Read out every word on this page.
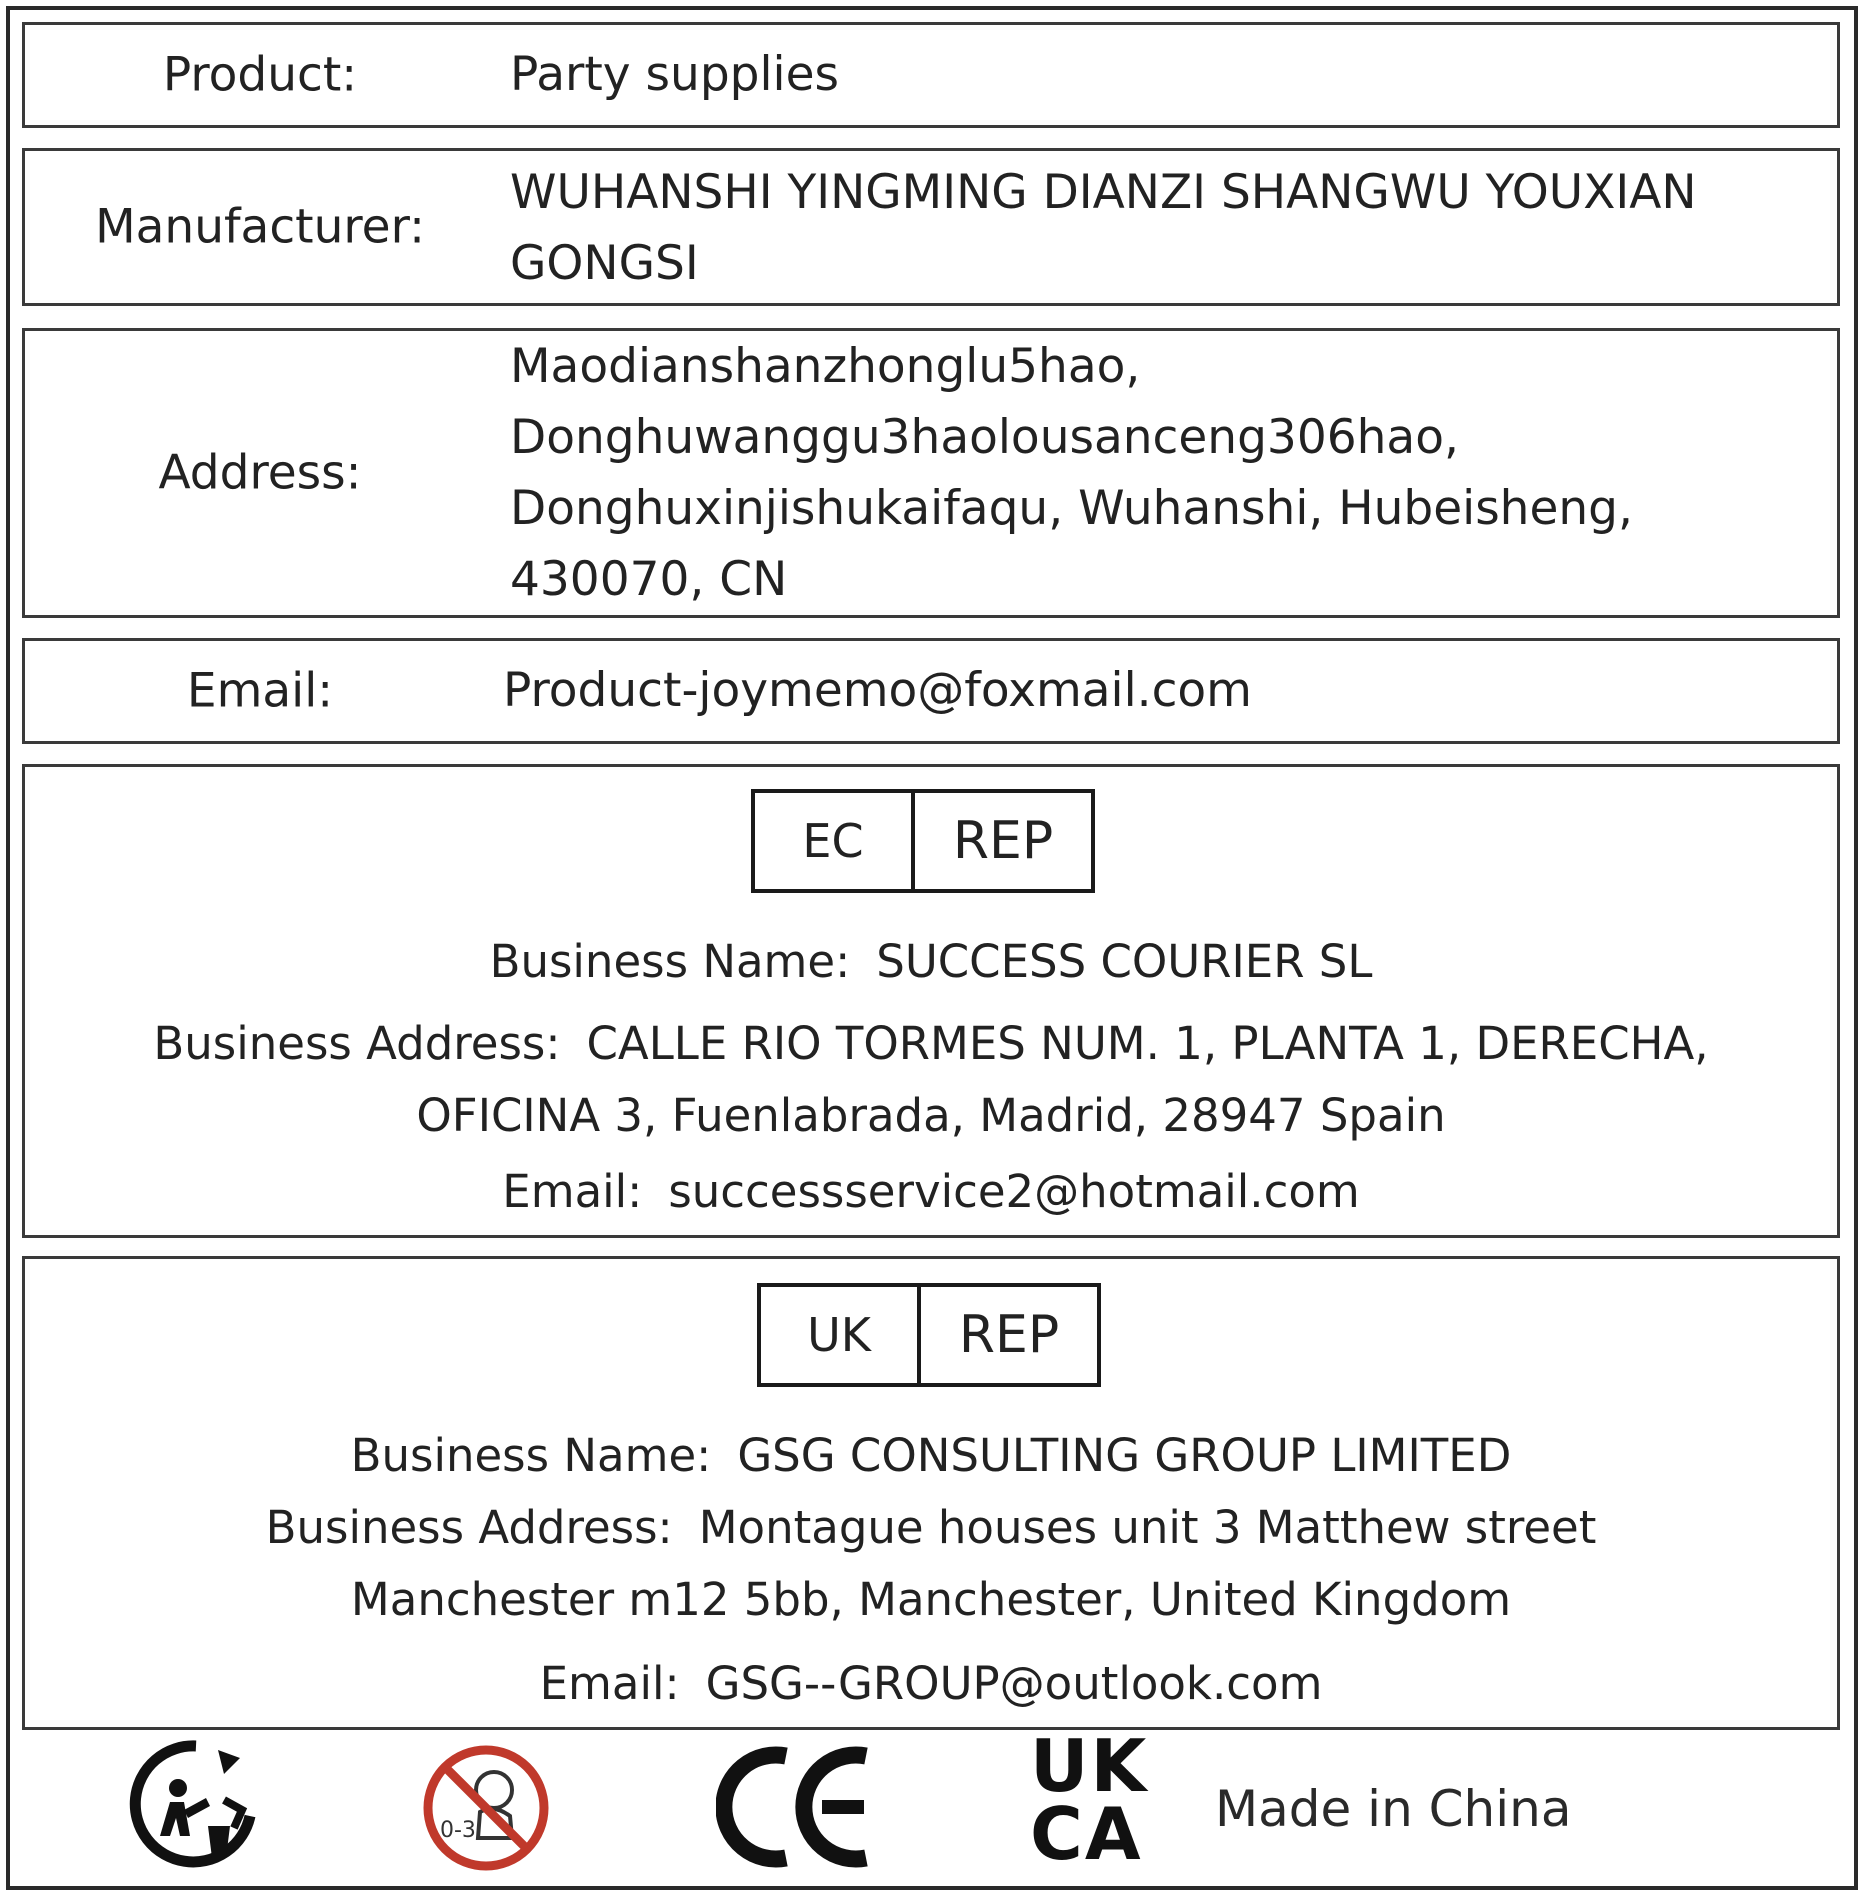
Product:	Party supplies
Manufacturer:
WUHANSHI YINGMING DIANZI SHANGWU YOUXIAN
GONGSI
Address:
Maodianshanzhonglu5hao,
Donghuwanggu3haolousanceng306hao,
Donghuxinjishukaifaqu, Wuhanshi, Hubeisheng,
430070, CN
Email:	Product-joymemo@foxmail.com
EC	REP
Business Name: SUCCESS COURIER SL
Business Address: CALLE RIO TORMES NUM. 1, PLANTA 1, DERECHA,
OFICINA 3, Fuenlabrada, Madrid, 28947 Spain
Email: successservice2@hotmail.com
UK	REP
Business Name: GSG CONSULTING GROUP LIMITED
Business Address: Montague houses unit 3 Matthew street
Manchester m12 5bb, Manchester, United Kingdom
Email: GSG--GROUP@outlook.com
0-3
UK
CA Made in China
